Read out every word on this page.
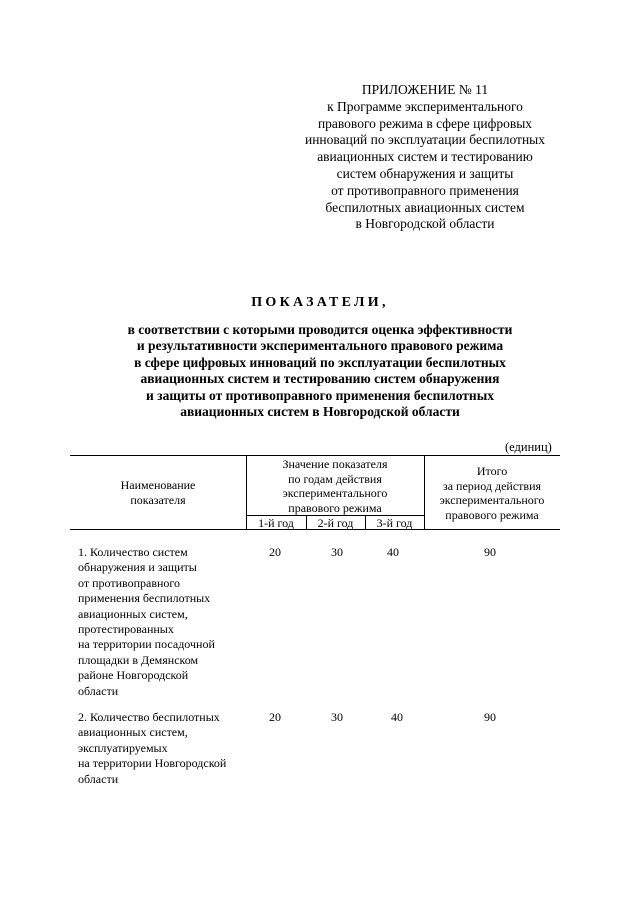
ПРИЛОЖЕНИЕ № 11
к Программе экспериментального
правового режима в сфере цифровых
инноваций по эксплуатации беспилотных
авиационных систем и тестированию
систем обнаружения и защиты
от противоправного применения
беспилотных авиационных систем
в Новгородской области
ПОКАЗАТЕЛИ,
в соответствии с которыми проводится оценка эффективности
и результативности экспериментального правового режима
в сфере цифровых инноваций по эксплуатации беспилотных
авиационных систем и тестированию систем обнаружения
и защиты от противоправного применения беспилотных
авиационных систем в Новгородской области
(единиц)
Наименование
показателя
Значение показателя
по годам действия
экспериментального
правового режима
Итого
за период действия
экспериментального
правового режима
1-й год	2-й год	3-й год
1. Количество систем
обнаружения и защиты
от противоправного
применения беспилотных
авиационных систем,
протестированных
на территории посадочной
площадки в Демянском
районе Новгородской
области
20	30	40	90
2. Количество беспилотных
авиационных систем,
эксплуатируемых
на территории Новгородской
области
20	30	40	90
